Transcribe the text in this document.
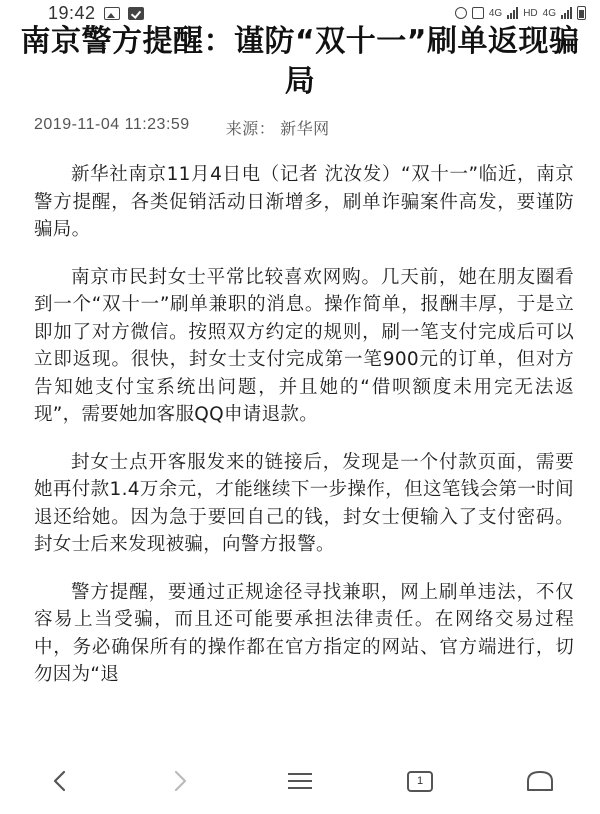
19:42	4G HD 4G
南京警方提醒：谨防“双十一”刷单返现骗局
2019-11-04 11:23:59 来源： 新华网

新华社南京11月4日电（记者 沈汝发）“双十一”临近，南京警方提醒，各类促销活动日渐增多，刷单诈骗案件高发，要谨防骗局。

南京市民封女士平常比较喜欢网购。几天前，她在朋友圈看到一个“双十一”刷单兼职的消息。操作简单，报酬丰厚，于是立即加了对方微信。按照双方约定的规则，刷一笔支付完成后可以立即返现。很快，封女士支付完成第一笔900元的订单，但对方告知她支付宝系统出问题，并且她的“借呗额度未用完无法返现”，需要她加客服QQ申请退款。

封女士点开客服发来的链接后，发现是一个付款页面，需要她再付款1.4万余元，才能继续下一步操作，但这笔钱会第一时间退还给她。因为急于要回自己的钱，封女士便输入了支付密码。封女士后来发现被骗，向警方报警。

警方提醒，要通过正规途径寻找兼职，网上刷单违法，不仅容易上当受骗，而且还可能要承担法律责任。在网络交易过程中，务必确保所有的操作都在官方指定的网站、官方端进行，切勿因为“退

1
